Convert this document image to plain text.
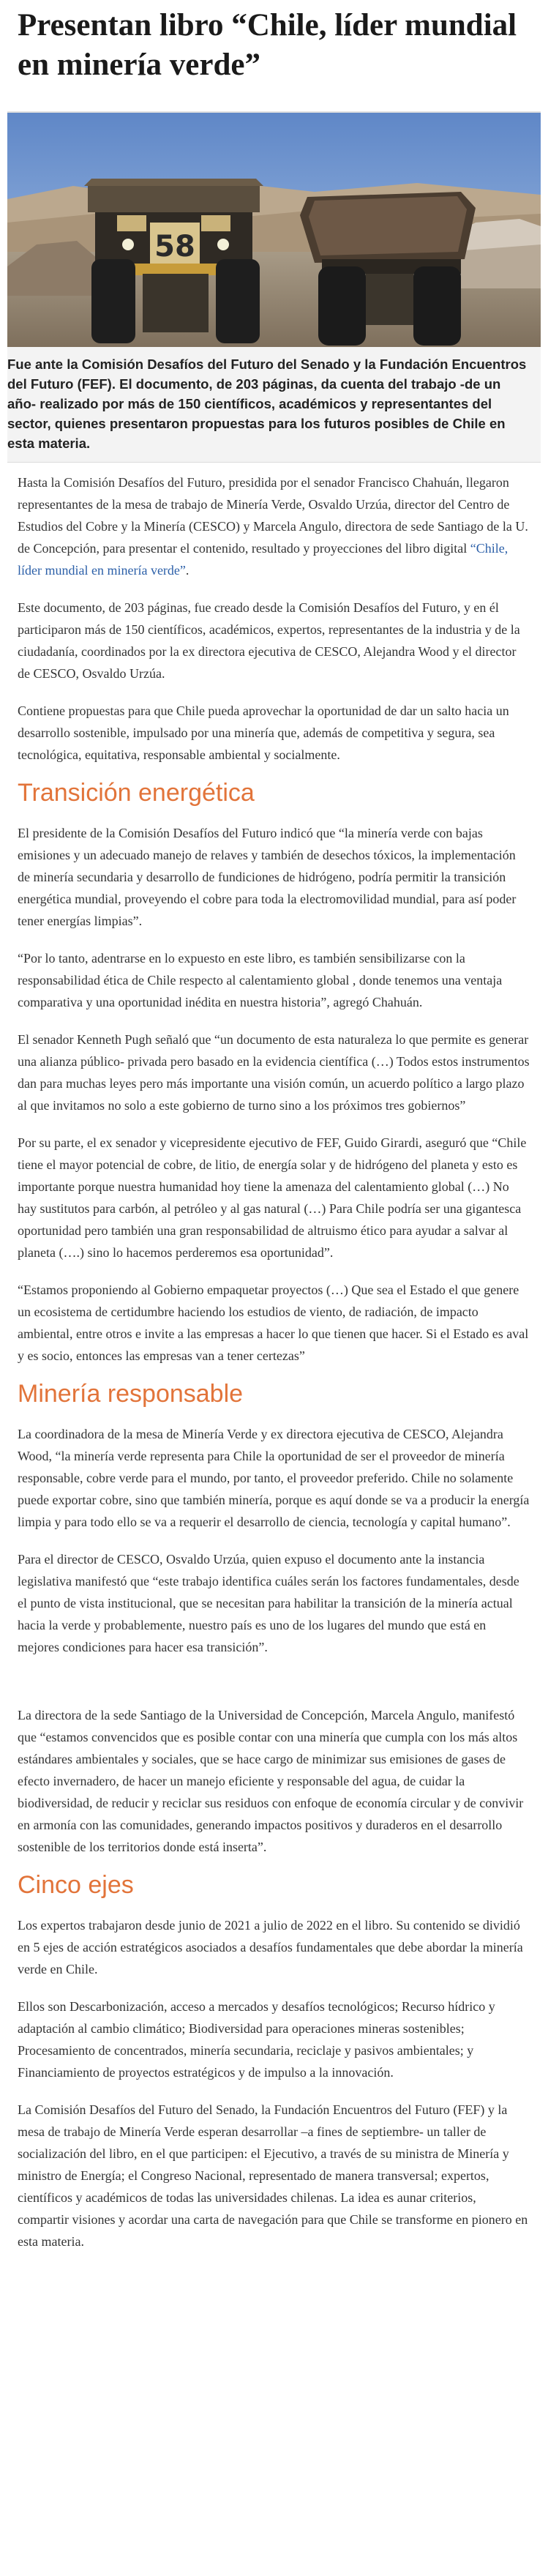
Presentan libro “Chile, líder mundial en minería verde”
58

Fue ante la Comisión Desafíos del Futuro del Senado y la Fundación Encuentros del Futuro (FEF). El documento, de 203 páginas, da cuenta del trabajo -de un año- realizado por más de 150 científicos, académicos y representantes del sector, quienes presentaron propuestas para los futuros posibles de Chile en esta materia.

Hasta la Comisión Desafíos del Futuro, presidida por el senador Francisco Chahuán, llegaron representantes de la mesa de trabajo de Minería Verde, Osvaldo Urzúa, director del Centro de Estudios del Cobre y la Minería (CESCO) y Marcela Angulo, directora de sede Santiago de la U. de Concepción, para presentar el contenido, resultado y proyecciones del libro digital “Chile, líder mundial en minería verde”.

Este documento, de 203 páginas, fue creado desde la Comisión Desafíos del Futuro, y en él participaron más de 150 científicos, académicos, expertos, representantes de la industria y de la ciudadanía, coordinados por la ex directora ejecutiva de CESCO, Alejandra Wood y el director de CESCO, Osvaldo Urzúa.

Contiene propuestas para que Chile pueda aprovechar la oportunidad de dar un salto hacia un desarrollo sostenible, impulsado por una minería que, además de competitiva y segura, sea tecnológica, equitativa, responsable ambiental y socialmente.

Transición energética

El presidente de la Comisión Desafíos del Futuro indicó que “la minería verde con bajas emisiones y un adecuado manejo de relaves y también de desechos tóxicos, la implementación de minería secundaria y desarrollo de fundiciones de hidrógeno, podría permitir la transición energética mundial, proveyendo el cobre para toda la electromovilidad mundial, para así poder tener energías limpias”.

“Por lo tanto, adentrarse en lo expuesto en este libro, es también sensibilizarse con la responsabilidad ética de Chile respecto al calentamiento global , donde tenemos una ventaja comparativa y una oportunidad inédita en nuestra historia”, agregó Chahuán.

El senador Kenneth Pugh señaló que “un documento de esta naturaleza lo que permite es generar una alianza público- privada pero basado en la evidencia científica (…) Todos estos instrumentos dan para muchas leyes pero más importante una visión común, un acuerdo político a largo plazo al que invitamos no solo a este gobierno de turno sino a los próximos tres gobiernos”

Por su parte, el ex senador y vicepresidente ejecutivo de FEF, Guido Girardi, aseguró que “Chile tiene el mayor potencial de cobre, de litio, de energía solar y de hidrógeno del planeta y esto es importante porque nuestra humanidad hoy tiene la amenaza del calentamiento global (…) No hay sustitutos para carbón, al petróleo y al gas natural (…) Para Chile podría ser una gigantesca oportunidad pero también una gran responsabilidad de altruismo ético para ayudar a salvar al planeta (….) sino lo hacemos perderemos esa oportunidad”.

“Estamos proponiendo al Gobierno empaquetar proyectos (…) Que sea el Estado el que genere un ecosistema de certidumbre haciendo los estudios de viento, de radiación, de impacto ambiental, entre otros e invite a las empresas a hacer lo que tienen que hacer. Si el Estado es aval y es socio, entonces las empresas van a tener certezas”

Minería responsable

La coordinadora de la mesa de Minería Verde y ex directora ejecutiva de CESCO, Alejandra Wood, “la minería verde representa para Chile la oportunidad de ser el proveedor de minería responsable, cobre verde para el mundo, por tanto, el proveedor preferido. Chile no solamente puede exportar cobre, sino que también minería, porque es aquí donde se va a producir la energía limpia y para todo ello se va a requerir el desarrollo de ciencia, tecnología y capital humano”.

Para el director de CESCO, Osvaldo Urzúa, quien expuso el documento ante la instancia legislativa manifestó que “este trabajo identifica cuáles serán los factores fundamentales, desde el punto de vista institucional, que se necesitan para habilitar la transición de la minería actual hacia la verde y probablemente, nuestro país es uno de los lugares del mundo que está en mejores condiciones para hacer esa transición”.

La directora de la sede Santiago de la Universidad de Concepción, Marcela Angulo, manifestó que “estamos convencidos que es posible contar con una minería que cumpla con los más altos estándares ambientales y sociales, que se hace cargo de minimizar sus emisiones de gases de efecto invernadero, de hacer un manejo eficiente y responsable del agua, de cuidar la biodiversidad, de reducir y reciclar sus residuos con enfoque de economía circular y de convivir en armonía con las comunidades, generando impactos positivos y duraderos en el desarrollo sostenible de los territorios donde está inserta”.

Cinco ejes

Los expertos trabajaron desde junio de 2021 a julio de 2022 en el libro. Su contenido se dividió en 5 ejes de acción estratégicos asociados a desafíos fundamentales que debe abordar la minería verde en Chile.

Ellos son Descarbonización, acceso a mercados y desafíos tecnológicos; Recurso hídrico y adaptación al cambio climático; Biodiversidad para operaciones mineras sostenibles; Procesamiento de concentrados, minería secundaria, reciclaje y pasivos ambientales; y Financiamiento de proyectos estratégicos y de impulso a la innovación.

La Comisión Desafíos del Futuro del Senado, la Fundación Encuentros del Futuro (FEF) y la mesa de trabajo de Minería Verde esperan desarrollar –a fines de septiembre- un taller de socialización del libro, en el que participen: el Ejecutivo, a través de su ministra de Minería y ministro de Energía; el Congreso Nacional, representado de manera transversal; expertos, científicos y académicos de todas las universidades chilenas. La idea es aunar criterios, compartir visiones y acordar una carta de navegación para que Chile se transforme en pionero en esta materia.
